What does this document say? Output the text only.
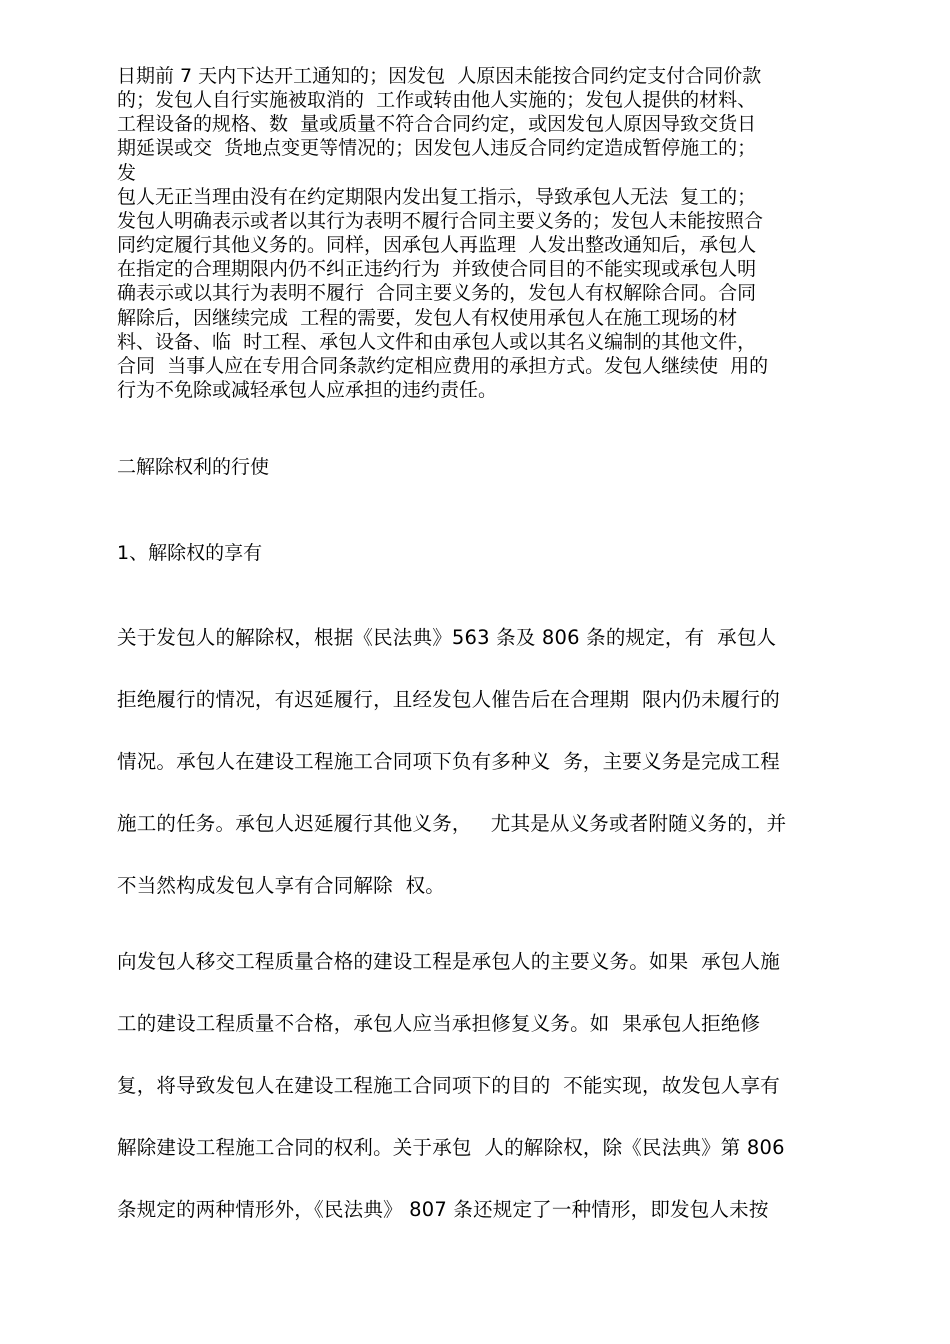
日期前 7 天内下达开工通知的；因发包  人原因未能按合同约定支付合同价款

的；发包人自行实施被取消的  工作或转由他人实施的；发包人提供的材料、

工程设备的规格、数  量或质量不符合合同约定，或因发包人原因导致交货日

期延误或交  货地点变更等情况的；因发包人违反合同约定造成暂停施工的；

发

包人无正当理由没有在约定期限内发出复工指示，导致承包人无法  复工的；

发包人明确表示或者以其行为表明不履行合同主要义务的；发包人未能按照合

同约定履行其他义务的。同样，因承包人再监理  人发出整改通知后，承包人

在指定的合理期限内仍不纠正违约行为  并致使合同目的不能实现或承包人明

确表示或以其行为表明不履行  合同主要义务的，发包人有权解除合同。合同

解除后，因继续完成  工程的需要，发包人有权使用承包人在施工现场的材

料、设备、临  时工程、承包人文件和由承包人或以其名义编制的其他文件，

合同  当事人应在专用合同条款约定相应费用的承担方式。发包人继续使  用的

行为不免除或减轻承包人应承担的违约责任。

二解除权利的行使

1、解除权的享有

关于发包人的解除权，根据《民法典》563 条及 806 条的规定，有  承包人

拒绝履行的情况，有迟延履行，且经发包人催告后在合理期  限内仍未履行的

情况。承包人在建设工程施工合同项下负有多种义  务，主要义务是完成工程

施工的任务。承包人迟延履行其他义务，   尤其是从义务或者附随义务的，并

不当然构成发包人享有合同解除  权。

向发包人移交工程质量合格的建设工程是承包人的主要义务。如果  承包人施

工的建设工程质量不合格，承包人应当承担修复义务。如  果承包人拒绝修

复，将导致发包人在建设工程施工合同项下的目的  不能实现，故发包人享有

解除建设工程施工合同的权利。关于承包  人的解除权，除《民法典》第 806

条规定的两种情形外，《民法典》 807 条还规定了一种情形，即发包人未按
